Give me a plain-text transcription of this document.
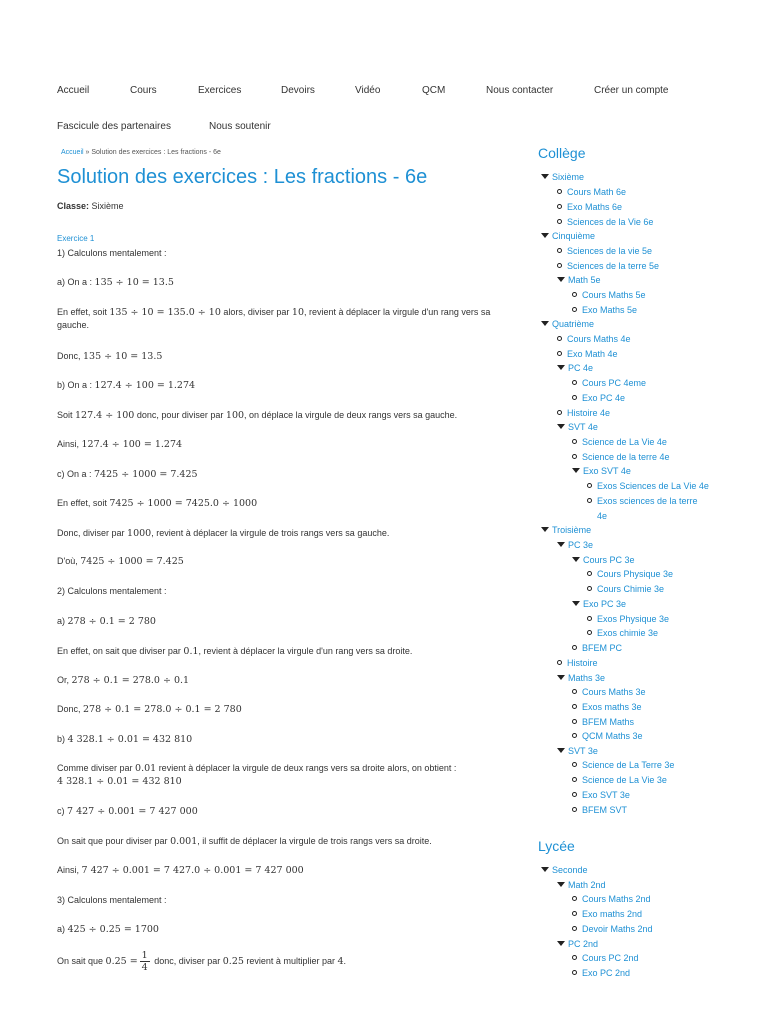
Accueil	Cours	Exercices	Devoirs	Vidéo	QCM	Nous contacter	Créer un compte
Fascicule des partenaires	Nous soutenir
Accueil » Solution des exercices : Les fractions - 6e
Solution des exercices : Les fractions - 6e
Classe: Sixième
Exercice 1
1) Calculons mentalement :
a) On a : 135 ÷ 10 = 13.5
En effet, soit 135 ÷ 10 = 135.0 ÷ 10 alors, diviser par 10, revient à déplacer la virgule d'un rang vers sa gauche.
Donc, 135 ÷ 10 = 13.5
b) On a : 127.4 ÷ 100 = 1.274
Soit 127.4 ÷ 100 donc, pour diviser par 100, on déplace la virgule de deux rangs vers sa gauche.
Ainsi, 127.4 ÷ 100 = 1.274
c) On a : 7425 ÷ 1000 = 7.425
En effet, soit 7425 ÷ 1000 = 7425.0 ÷ 1000
Donc, diviser par 1000, revient à déplacer la virgule de trois rangs vers sa gauche.
D'où, 7425 ÷ 1000 = 7.425
2) Calculons mentalement :
a) 278 ÷ 0.1 = 2 780
En effet, on sait que diviser par 0.1, revient à déplacer la virgule d'un rang vers sa droite.
Or, 278 ÷ 0.1 = 278.0 ÷ 0.1
Donc, 278 ÷ 0.1 = 278.0 ÷ 0.1 = 2 780
b) 4 328.1 ÷ 0.01 = 432 810
Comme diviser par 0.01 revient à déplacer la virgule de deux rangs vers sa droite alors, on obtient :
4 328.1 ÷ 0.01 = 432 810
c) 7 427 ÷ 0.001 = 7 427 000
On sait que pour diviser par 0.001, il suffit de déplacer la virgule de trois rangs vers sa droite.
Ainsi, 7 427 ÷ 0.001 = 7 427.0 ÷ 0.001 = 7 427 000
3) Calculons mentalement :
a) 425 ÷ 0.25 = 1700
On sait que $0.25 = \frac{1}{4}$ donc, diviser par 0.25 revient à multiplier par 4.
Collège
Lycée
Sixième
Cours Math 6e
Exo Maths 6e
Sciences de la Vie 6e
Cinquième
Sciences de la vie 5e
Sciences de la terre 5e
Math 5e
Cours Maths 5e
Exo Maths 5e
Quatrième
Cours Maths 4e
Exo Math 4e
PC 4e
Cours PC 4eme
Exo PC 4e
Histoire 4e
SVT 4e
Science de La Vie 4e
Science de la terre 4e
Exo SVT 4e
Exos Sciences de La Vie 4e
Exos sciences de la terre
4e
Troisième
PC 3e
Cours PC 3e
Cours Physique 3e
Cours Chimie 3e
Exo PC 3e
Exos Physique 3e
Exos chimie 3e
BFEM PC
Histoire
Maths 3e
Cours Maths 3e
Exos maths 3e
BFEM Maths
QCM Maths 3e
SVT 3e
Science de La Terre 3e
Science de La Vie 3e
Exo SVT 3e
BFEM SVT
Seconde
Math 2nd
Cours Maths 2nd
Exo maths 2nd
Devoir Maths 2nd
PC 2nd
Cours PC 2nd
Exo PC 2nd
